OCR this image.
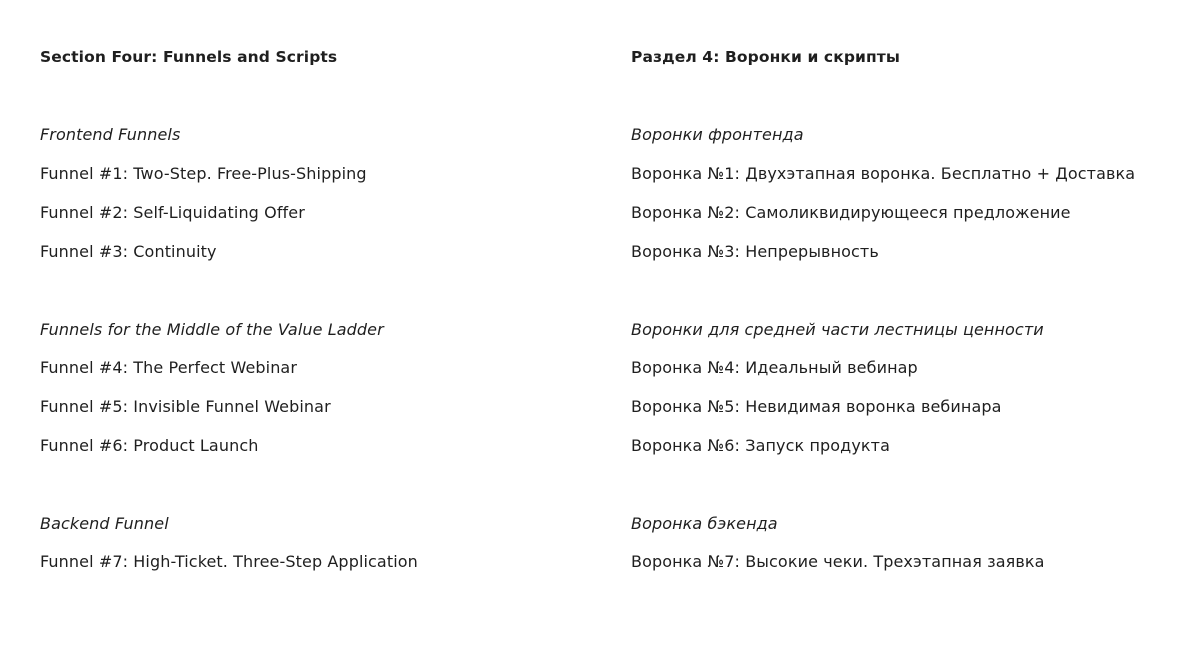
Section Four: Funnels and Scripts
Frontend Funnels
Funnel #1: Two-Step. Free-Plus-Shipping
Funnel #2: Self-Liquidating Offer
Funnel #3: Continuity
Funnels for the Middle of the Value Ladder
Funnel #4: The Perfect Webinar
Funnel #5: Invisible Funnel Webinar
Funnel #6: Product Launch
Backend Funnel
Funnel #7: High-Ticket. Three-Step Application
Раздел 4: Воронки и скрипты
Воронки фронтенда
Воронка №1: Двухэтапная воронка. Бесплатно + Доставка
Воронка №2: Самоликвидирующееся предложение
Воронка №3: Непрерывность
Воронки для средней части лестницы ценности
Воронка №4: Идеальный вебинар
Воронка №5: Невидимая воронка вебинара
Воронка №6: Запуск продукта
Воронка бэкенда
Воронка №7: Высокие чеки. Трехэтапная заявка
